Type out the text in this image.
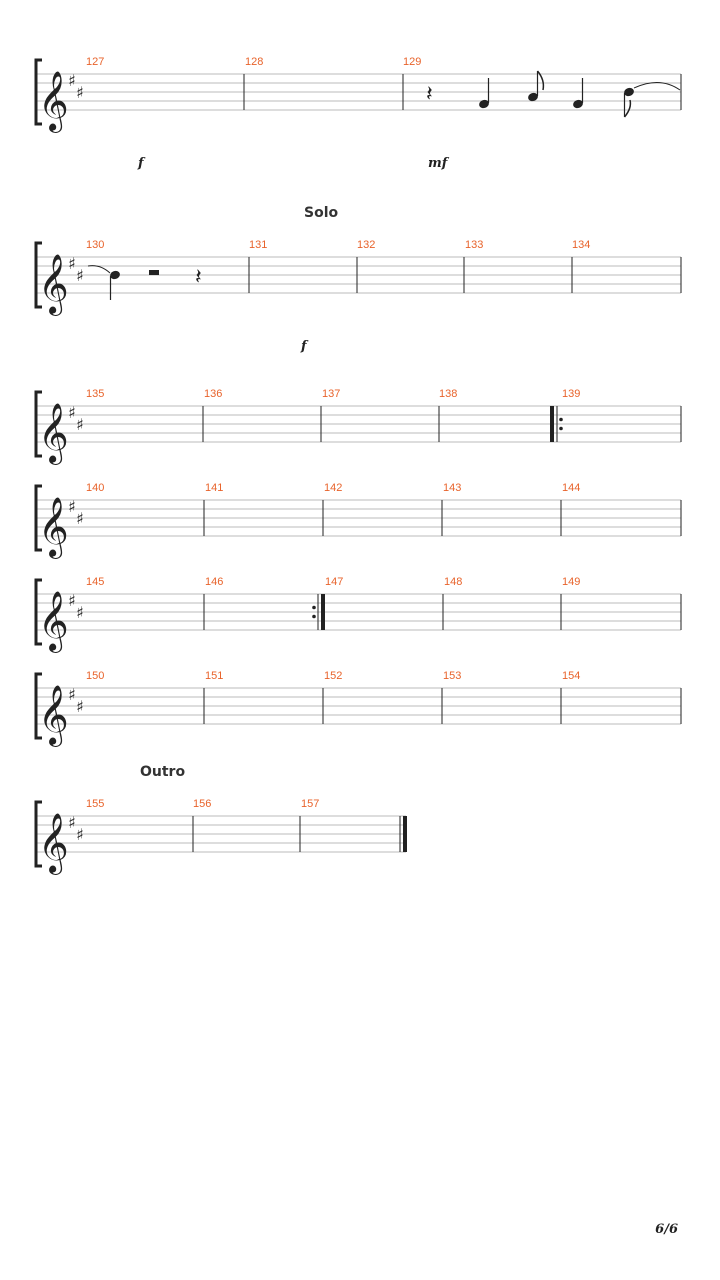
𝄞 ♯
♯
127	128	129
𝄽
f	mf
Solo
𝄞 ♯
♯
130	131	132	133	134
𝄽
f
𝄞 ♯
♯
135	136	137	138	139
𝄞 ♯
♯
140	141	142	143	144
𝄞 ♯
♯
145	146	147	148	149
𝄞 ♯
♯
150	151	152	153	154
Outro
𝄞 ♯
♯
155	156	157
6/6
